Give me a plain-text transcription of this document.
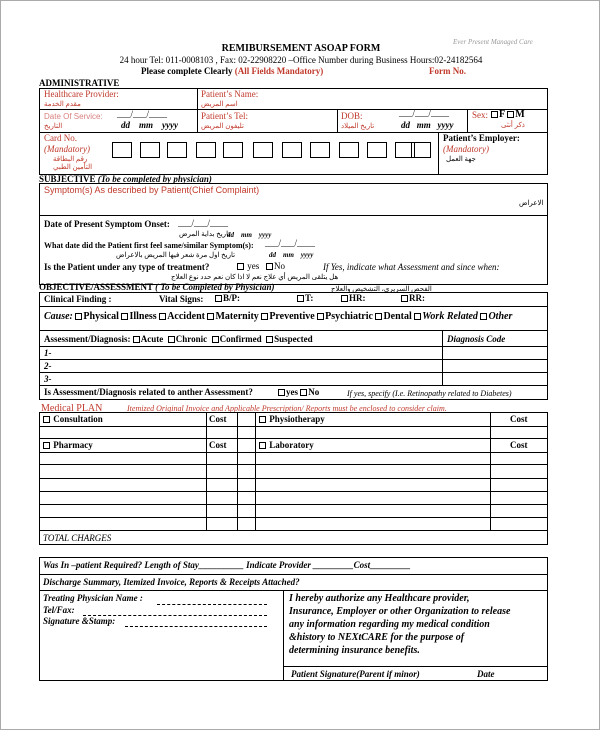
REMIBURSEMENT ASOAP FORM
Ever Present Managed Care
24 hour Tel: 011-0008103 , Fax: 02-22908220 –Office Number during Business Hours:02-24182564
Please complete Clearly (All Fields Mandatory)	Form No.
ADMINISTRATIVE
Healthcare Provider:
مقدم الخدمة
Patient’s Name:
اسم المريض
Date Of Service:
التاريخ
___/___/____
dd    mm    yyyy
Patient’s Tel:
تليفون المريض
DOB:
تاريخ الميلاد
___/___/____
dd   mm   yyyy
Sex:	F M
ذكر أنثى
Card No.
(Mandatory)
رقم البطاقة
التأمين الطبي
Patient’s Employer:
(Mandatory)
جهة العمل
SUBJECTIVE (To be completed by physician)
Symptom(s) As described by Patient(Chief Complaint)
الاعراض
Date of Present Symptom Onset: ___/___/____
تاريخ بداية المرض
dd    mm    yyyy
What date did the Patient first feel same/similar Symptom(s): ___/___/____
تاريخ اول مرة شعر فيها المريض بالاعراض	dd    mm    yyyy
Is the Patient under any type of treatment?	yes No	If Yes, indicate what Assessment and since when:
هل يتلقى المريض أي علاج نعم لا اذا كان نعم حدد نوع العلاج
OBJECTIVE/ASSESSMENT ( To be Completed by Physician)	الفحص السريري، التشخيص والعلاج
Clinical Finding :	Vital Signs:	B/P:	T:	HR:	RR:
Cause: Physical Illness Accident Maternity Preventive Psychiatric Dental Work Related Other
Assessment/Diagnosis: Acute Chronic Confirmed Suspected	Diagnosis Code
1-
2-
3-
Is Assessment/Diagnosis related to anther Assessment?	yes No	If yes, specify (I.e. Retinopathy related to Diabetes)
Medical PLAN	Itemized Original Invoice and Applicable Prescription/ Reports must be enclosed to consider claim.
Consultation	Cost	Physiotherapy	Cost
Pharmacy	Cost	Laboratory	Cost
TOTAL CHARGES
Was In –patient Required? Length of Stay__________ Indicate Provider _________Cost_________
Discharge Summary, Itemized Invoice, Reports & Receipts Attached?
Treating Physician Name :
Tel/Fax:
Signature &Stamp:
I hereby authorize any Healthcare provider,
Insurance, Employer or other Organization to release
any information regarding my medical condition
&history to NEXtCARE for the purpose of
determining insurance benefits.
Patient Signature(Parent if minor)	Date
